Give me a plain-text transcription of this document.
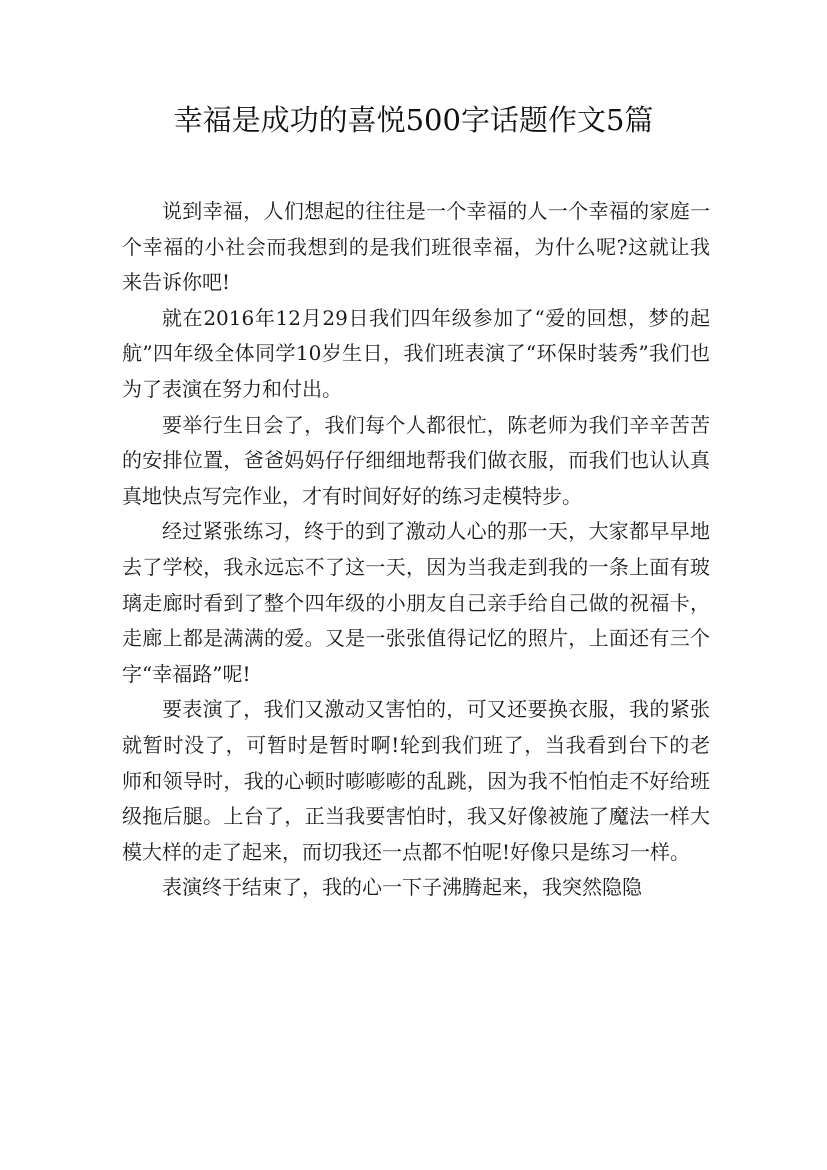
幸福是成功的喜悦500字话题作文5篇

说到幸福，人们想起的往往是一个幸福的人一个幸福的家庭一个幸福的小社会而我想到的是我们班很幸福，为什么呢?这就让我来告诉你吧!

就在2016年12月29日我们四年级参加了“爱的回想，梦的起航”四年级全体同学10岁生日，我们班表演了“环保时装秀”我们也为了表演在努力和付出。

要举行生日会了，我们每个人都很忙，陈老师为我们辛辛苦苦的安排位置，爸爸妈妈仔仔细细地帮我们做衣服，而我们也认认真真地快点写完作业，才有时间好好的练习走模特步。

经过紧张练习，终于的到了激动人心的那一天，大家都早早地去了学校，我永远忘不了这一天，因为当我走到我的一条上面有玻璃走廊时看到了整个四年级的小朋友自己亲手给自己做的祝福卡，走廊上都是满满的爱。又是一张张值得记忆的照片，上面还有三个字“幸福路”呢!

要表演了，我们又激动又害怕的，可又还要换衣服，我的紧张就暂时没了，可暂时是暂时啊!轮到我们班了，当我看到台下的老师和领导时，我的心顿时嘭嘭嘭的乱跳，因为我不怕怕走不好给班级拖后腿。上台了，正当我要害怕时，我又好像被施了魔法一样大模大样的走了起来，而切我还一点都不怕呢!好像只是练习一样。

表演终于结束了，我的心一下子沸腾起来，我突然隐隐
